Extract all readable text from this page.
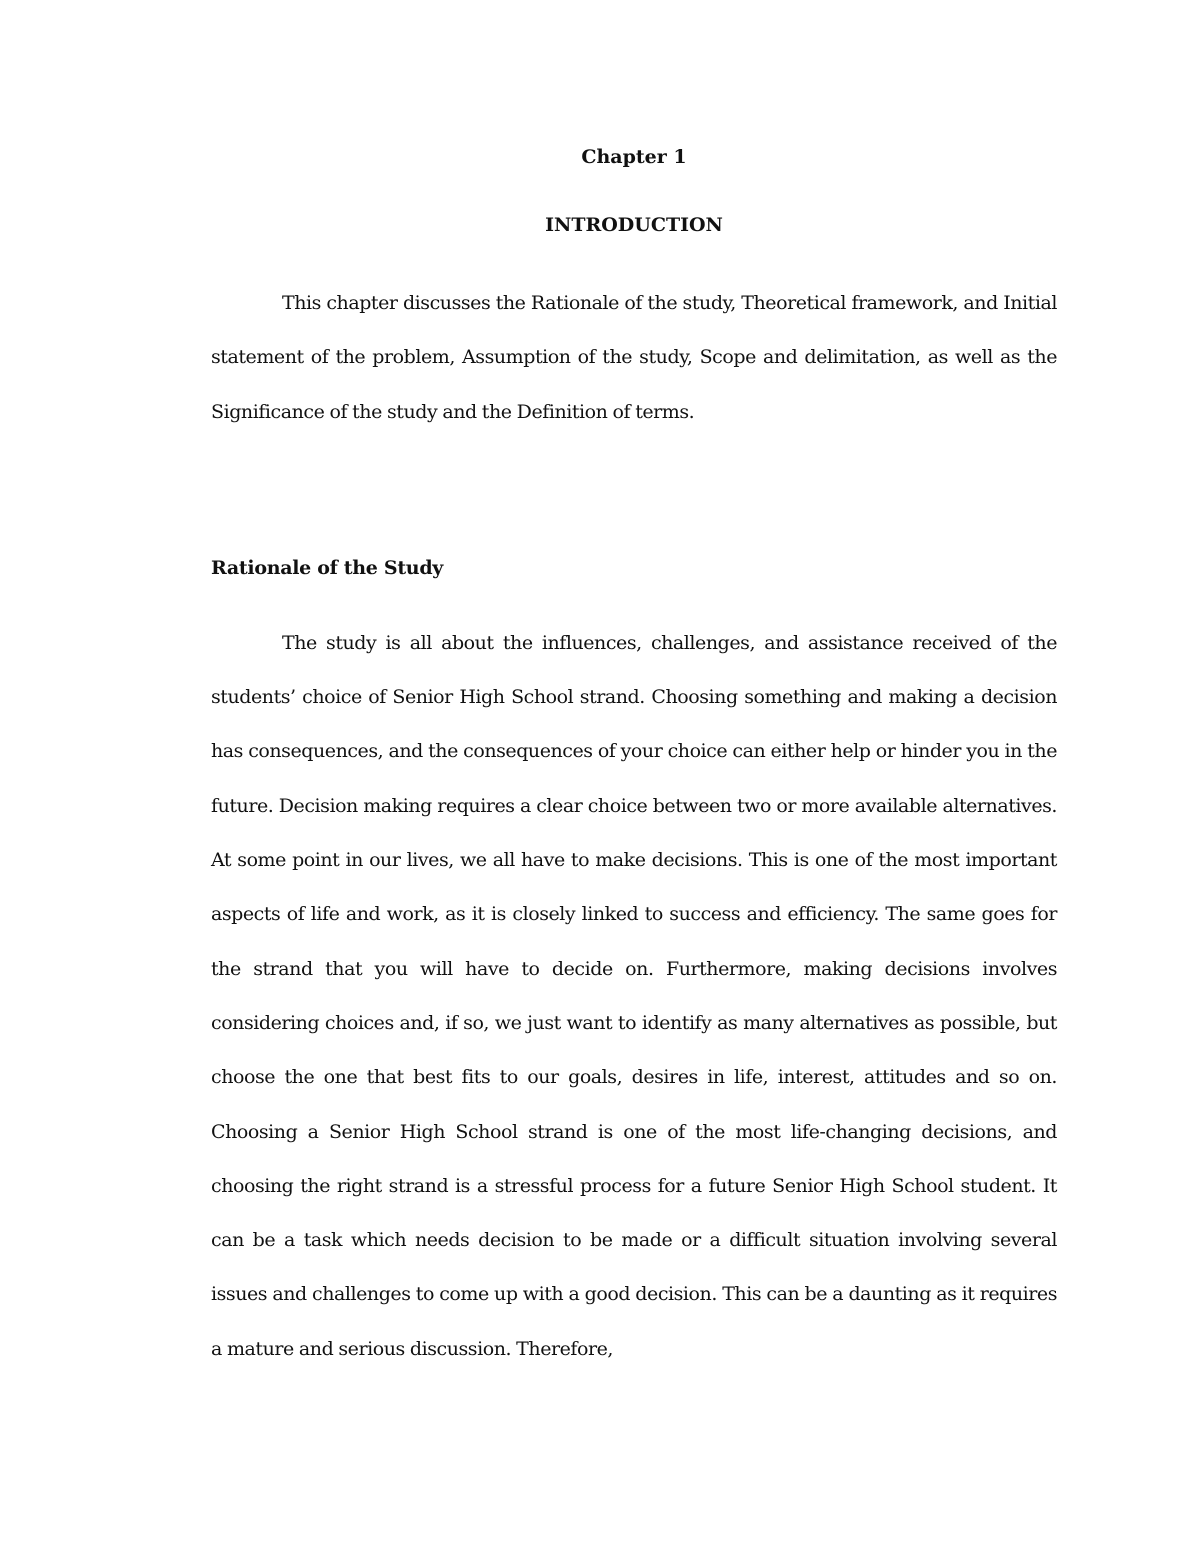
Chapter 1

INTRODUCTION

This chapter discusses the Rationale of the study, Theoretical framework, and Initial statement of the problem, Assumption of the study, Scope and delimitation, as well as the Significance of the study and the Definition of terms.

Rationale of the Study

The study is all about the influences, challenges, and assistance received of the students’ choice of Senior High School strand. Choosing something and making a decision has consequences, and the consequences of your choice can either help or hinder you in the future. Decision making requires a clear choice between two or more available alternatives. At some point in our lives, we all have to make decisions. This is one of the most important aspects of life and work, as it is closely linked to success and efficiency. The same goes for the strand that you will have to decide on. Furthermore, making decisions involves considering choices and, if so, we just want to identify as many alternatives as possible, but choose the one that best fits to our goals, desires in life, interest, attitudes and so on. Choosing a Senior High School strand is one of the most life-changing decisions, and choosing the right strand is a stressful process for a future Senior High School student. It can be a task which needs decision to be made or a difficult situation involving several issues and challenges to come up with a good decision. This can be a daunting as it requires a mature and serious discussion. Therefore,
